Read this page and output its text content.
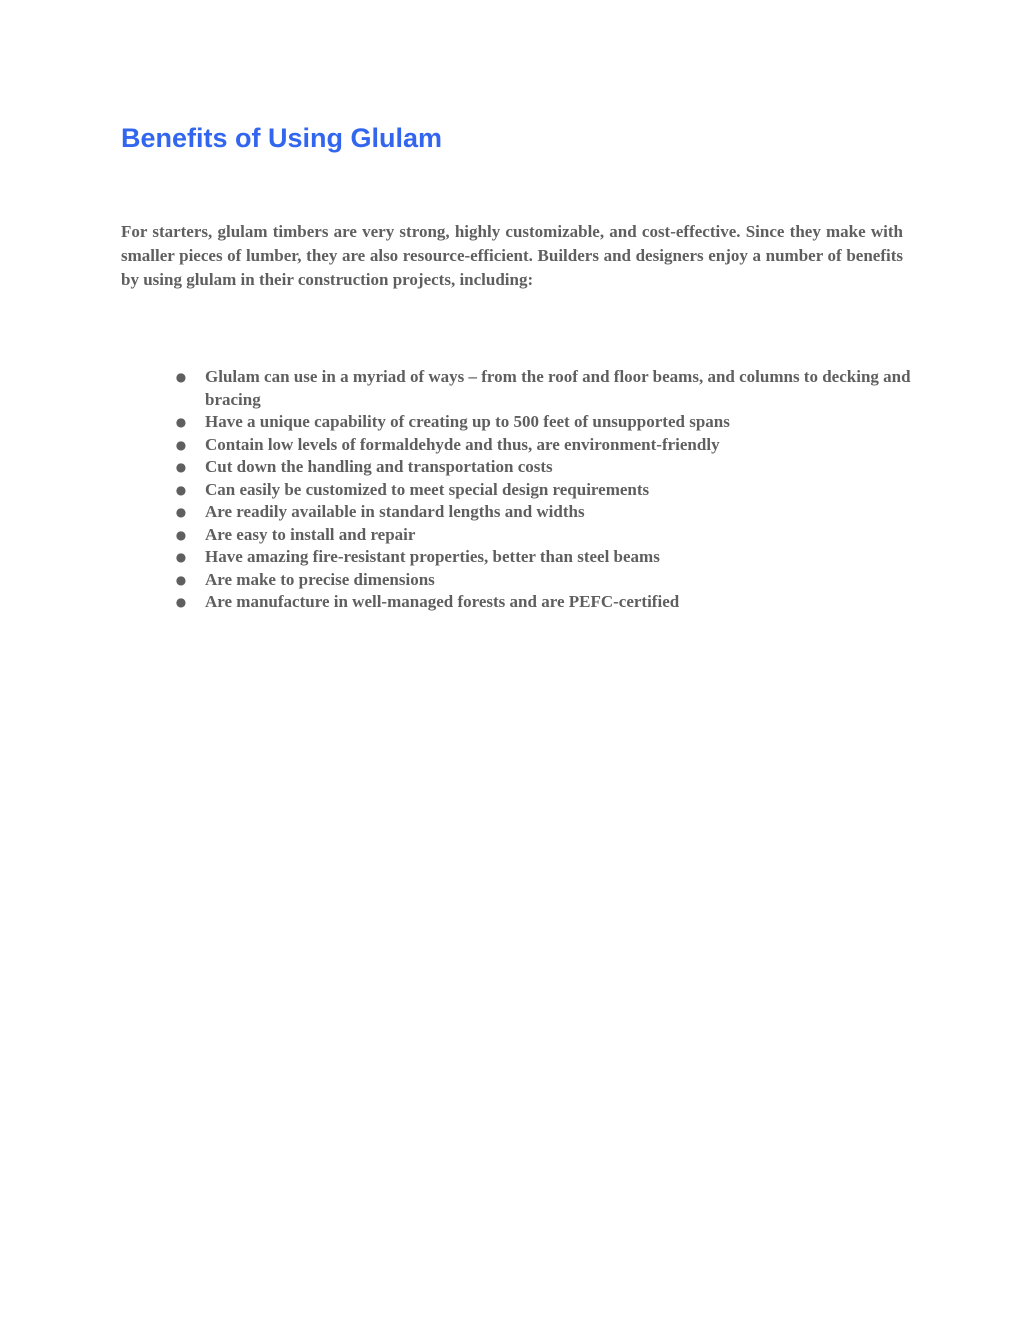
Benefits of Using Glulam

For starters, glulam timbers are very strong, highly customizable, and cost-effective. Since they make with smaller pieces of lumber, they are also resource-efficient. Builders and designers enjoy a number of benefits by using glulam in their construction projects, including:

● Glulam can use in a myriad of ways – from the roof and floor beams, and columns to decking and bracing
● Have a unique capability of creating up to 500 feet of unsupported spans
● Contain low levels of formaldehyde and thus, are environment-friendly
● Cut down the handling and transportation costs
● Can easily be customized to meet special design requirements
● Are readily available in standard lengths and widths
● Are easy to install and repair
● Have amazing fire-resistant properties, better than steel beams
● Are make to precise dimensions
● Are manufacture in well-managed forests and are PEFC-certified
